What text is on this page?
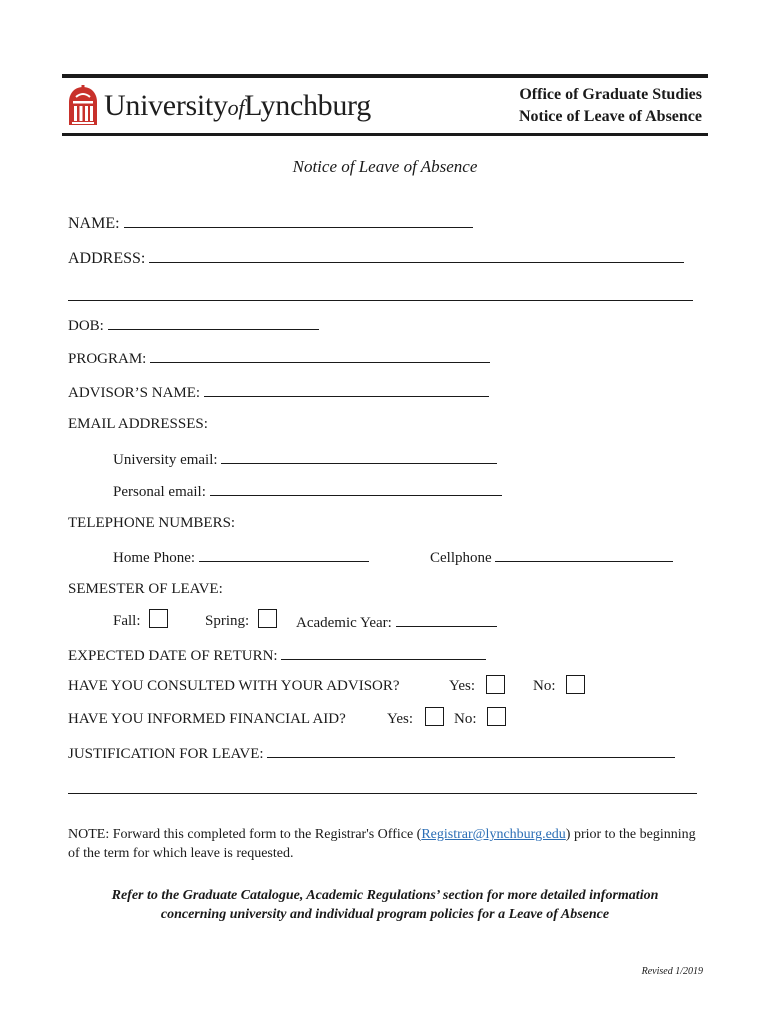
UniversityofLynchburg	Office of Graduate Studies
Notice of Leave of Absence
Notice of Leave of Absence
NAME:
ADDRESS:
DOB:
PROGRAM:
ADVISOR’S NAME:
EMAIL ADDRESSES:
University email:
Personal email:
TELEPHONE NUMBERS:
Home Phone:	Cellphone
SEMESTER OF LEAVE:
Fall:	Spring:	Academic Year:
EXPECTED DATE OF RETURN:
HAVE YOU CONSULTED WITH YOUR ADVISOR?	Yes:	No:
HAVE YOU INFORMED FINANCIAL AID?	Yes:	No:
JUSTIFICATION FOR LEAVE:
NOTE: Forward this completed form to the Registrar's Office (Registrar@lynchburg.edu) prior to the beginning of the term for which leave is requested.
Refer to the Graduate Catalogue, Academic Regulations’ section for more detailed information
concerning university and individual program policies for a Leave of Absence
Revised 1/2019
